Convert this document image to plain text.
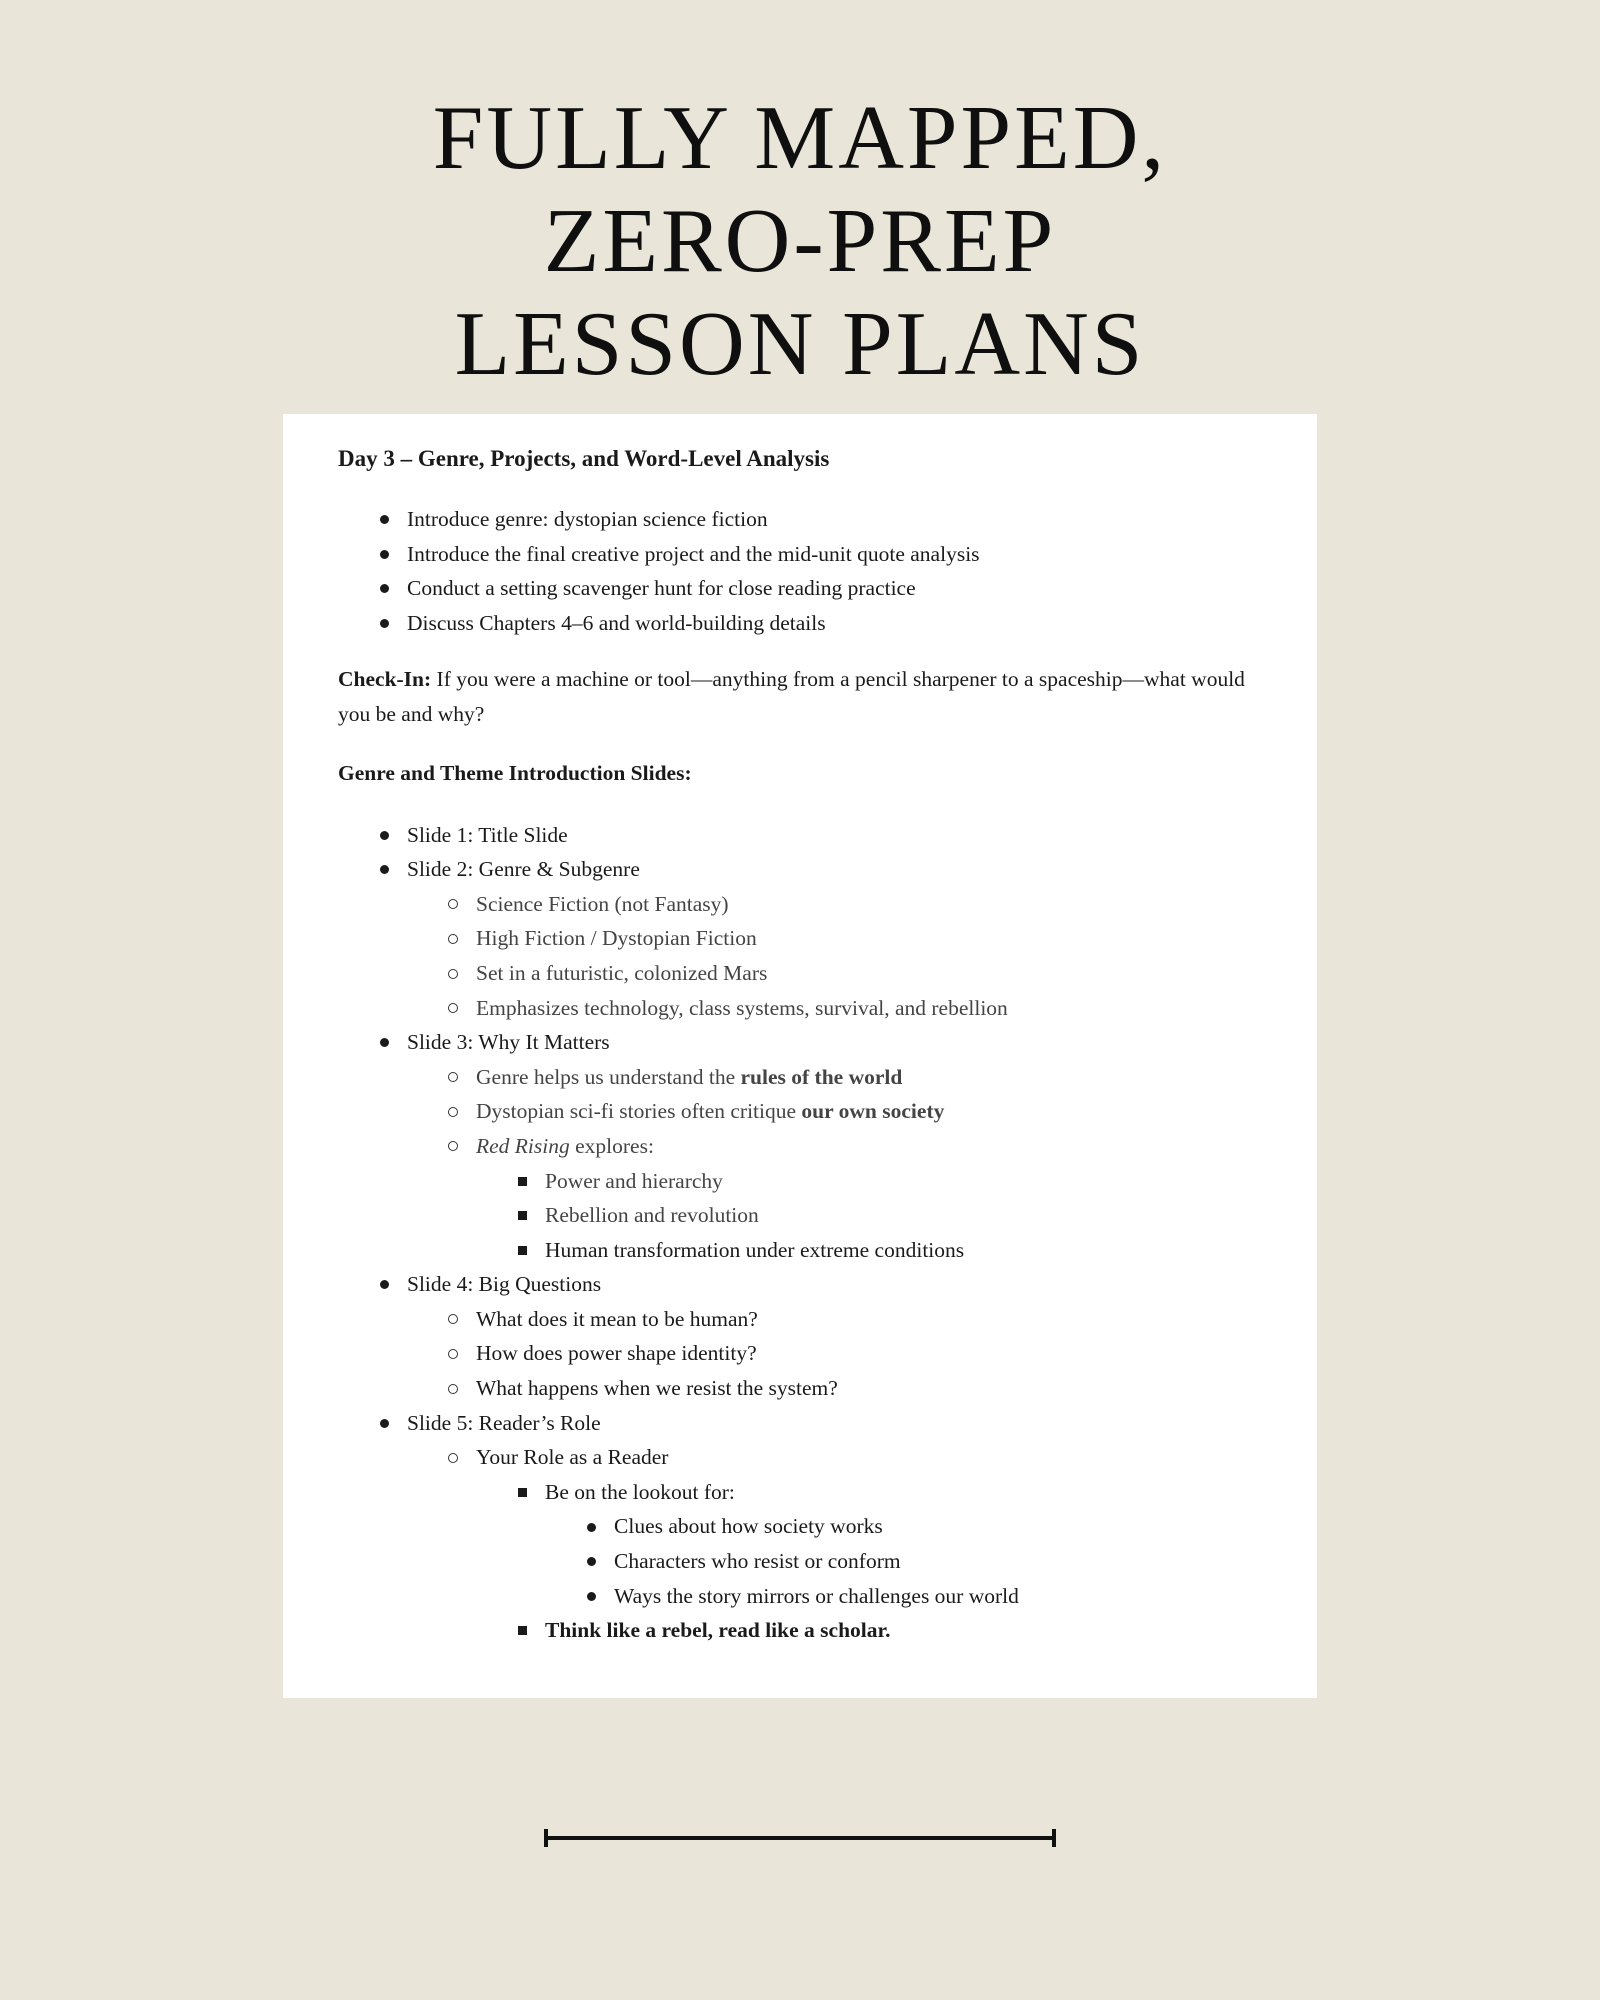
FULLY MAPPED,
ZERO-PREP
LESSON PLANS
Day 3 – Genre, Projects, and Word-Level Analysis
Introduce genre: dystopian science fiction
Introduce the final creative project and the mid-unit quote analysis
Conduct a setting scavenger hunt for close reading practice
Discuss Chapters 4–6 and world-building details

Check-In: If you were a machine or tool—anything from a pencil sharpener to a spaceship—what would you be and why?

Genre and Theme Introduction Slides:

Slide 1: Title Slide
Slide 2: Genre & Subgenre
Science Fiction (not Fantasy)
High Fiction / Dystopian Fiction
Set in a futuristic, colonized Mars
Emphasizes technology, class systems, survival, and rebellion
Slide 3: Why It Matters
Genre helps us understand the rules of the world
Dystopian sci-fi stories often critique our own society
Red Rising explores:
Power and hierarchy
Rebellion and revolution
Human transformation under extreme conditions
Slide 4: Big Questions
What does it mean to be human?
How does power shape identity?
What happens when we resist the system?
Slide 5: Reader’s Role
Your Role as a Reader
Be on the lookout for:
Clues about how society works
Characters who resist or conform
Ways the story mirrors or challenges our world
Think like a rebel, read like a scholar.
